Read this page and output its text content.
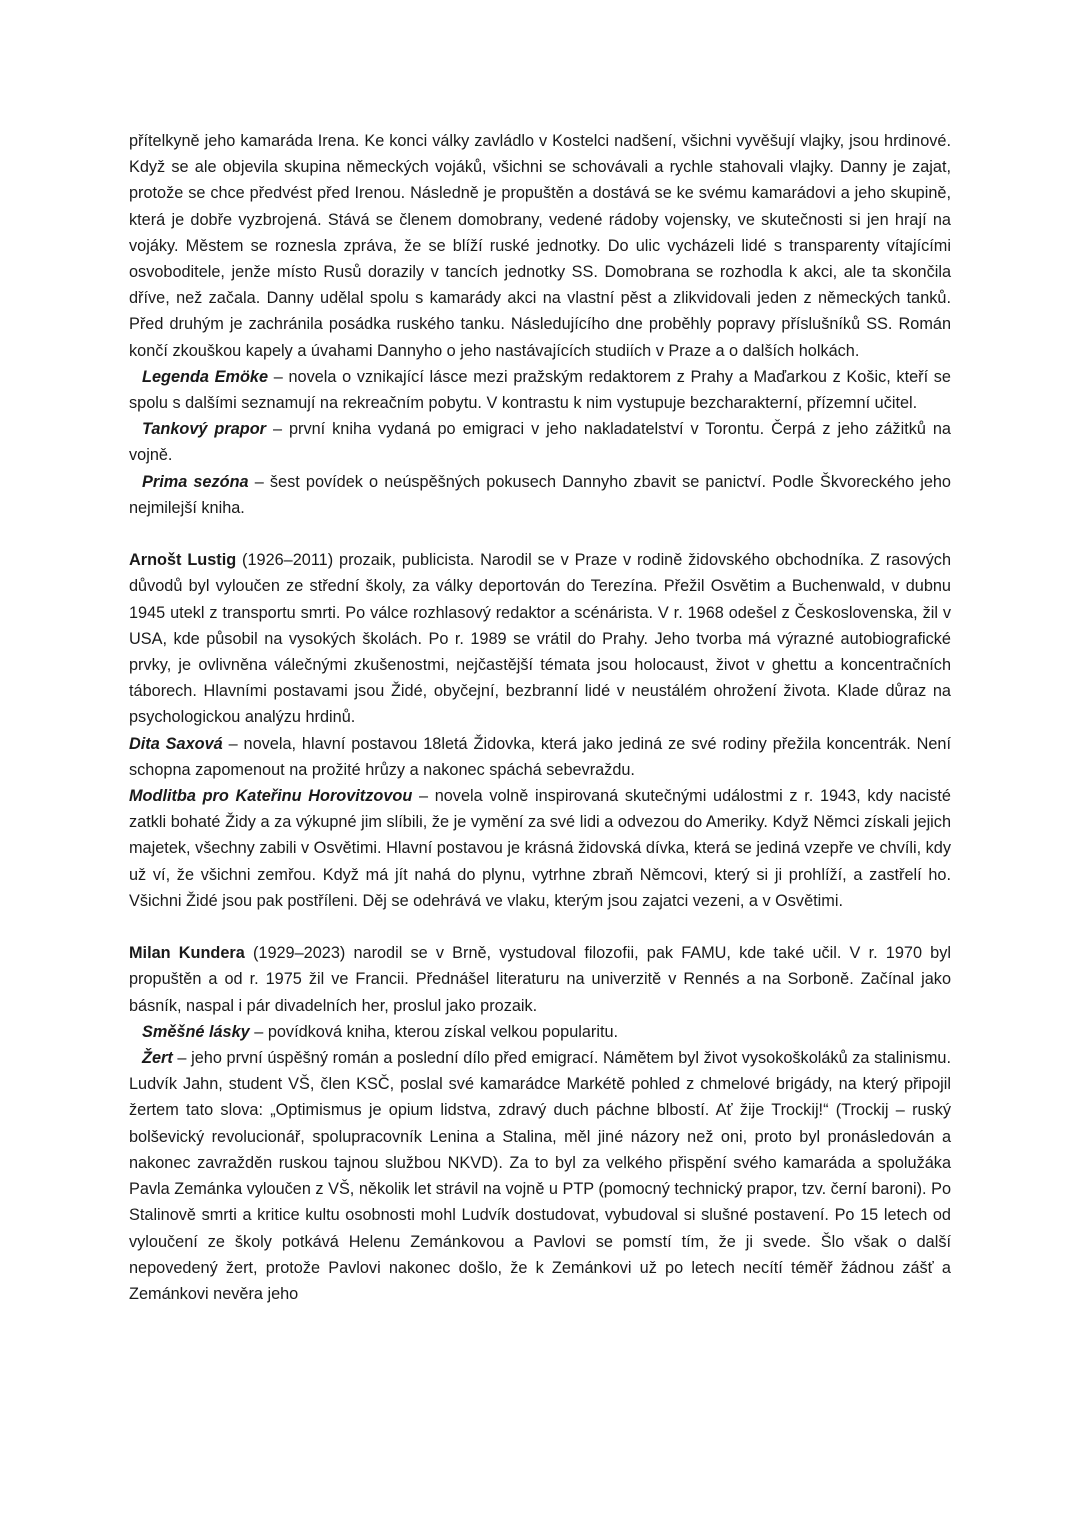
přítelkyně jeho kamaráda Irena. Ke konci války zavládlo v Kostelci nadšení, všichni vyvěšují vlajky, jsou hrdinové. Když se ale objevila skupina německých vojáků, všichni se schovávali a rychle stahovali vlajky. Danny je zajat, protože se chce předvést před Irenou. Následně je propuštěn a dostává se ke svému kamarádovi a jeho skupině, která je dobře vyzbrojená. Stává se členem domobrany, vedené rádoby vojensky, ve skutečnosti si jen hrají na vojáky. Městem se roznesla zpráva, že se blíží ruské jednotky. Do ulic vycházeli lidé s transparenty vítajícími osvoboditele, jenže místo Rusů dorazily v tancích jednotky SS. Domobrana se rozhodla k akci, ale ta skončila dříve, než začala. Danny udělal spolu s kamarády akci na vlastní pěst a zlikvidovali jeden z německých tanků. Před druhým je zachránila posádka ruského tanku. Následujícího dne proběhly popravy příslušníků SS. Román končí zkouškou kapely a úvahami Dannyho o jeho nastávajících studiích v Praze a o dalších holkách.

Legenda Emöke – novela o vznikající lásce mezi pražským redaktorem z Prahy a Maďarkou z Košic, kteří se spolu s dalšími seznamují na rekreačním pobytu. V kontrastu k nim vystupuje bezcharakterní, přízemní učitel.

Tankový prapor – první kniha vydaná po emigraci v jeho nakladatelství v Torontu. Čerpá z jeho zážitků na vojně.

Prima sezóna – šest povídek o neúspěšných pokusech Dannyho zbavit se panictví. Podle Škvoreckého jeho nejmilejší kniha.

Arnošt Lustig (1926–2011) prozaik, publicista. Narodil se v Praze v rodině židovského obchodníka. Z rasových důvodů byl vyloučen ze střední školy, za války deportován do Terezína. Přežil Osvětim a Buchenwald, v dubnu 1945 utekl z transportu smrti. Po válce rozhlasový redaktor a scénárista. V r. 1968 odešel z Československa, žil v USA, kde působil na vysokých školách. Po r. 1989 se vrátil do Prahy. Jeho tvorba má výrazné autobiografické prvky, je ovlivněna válečnými zkušenostmi, nejčastější témata jsou holocaust, život v ghettu a koncentračních táborech. Hlavními postavami jsou Židé, obyčejní, bezbranní lidé v neustálém ohrožení života. Klade důraz na psychologickou analýzu hrdinů.

Dita Saxová – novela, hlavní postavou 18letá Židovka, která jako jediná ze své rodiny přežila koncentrák. Není schopna zapomenout na prožité hrůzy a nakonec spáchá sebevraždu.

Modlitba pro Kateřinu Horovitzovou – novela volně inspirovaná skutečnými událostmi z r. 1943, kdy nacisté zatkli bohaté Židy a za výkupné jim slíbili, že je vymění za své lidi a odvezou do Ameriky. Když Němci získali jejich majetek, všechny zabili v Osvětimi. Hlavní postavou je krásná židovská dívka, která se jediná vzepře ve chvíli, kdy už ví, že všichni zemřou. Když má jít nahá do plynu, vytrhne zbraň Němcovi, který si ji prohlíží, a zastřelí ho. Všichni Židé jsou pak postříleni. Děj se odehrává ve vlaku, kterým jsou zajatci vezeni, a v Osvětimi.

Milan Kundera (1929–2023) narodil se v Brně, vystudoval filozofii, pak FAMU, kde také učil. V r. 1970 byl propuštěn a od r. 1975 žil ve Francii. Přednášel literaturu na univerzitě v Rennés a na Sorboně. Začínal jako básník, naspal i pár divadelních her, proslul jako prozaik.

Směšné lásky – povídková kniha, kterou získal velkou popularitu.

Žert – jeho první úspěšný román a poslední dílo před emigrací. Námětem byl život vysokoškoláků za stalinismu. Ludvík Jahn, student VŠ, člen KSČ, poslal své kamarádce Markétě pohled z chmelové brigády, na který připojil žertem tato slova: „Optimismus je opium lidstva, zdravý duch páchne blbostí. Ať žije Trockij!“ (Trockij – ruský bolševický revolucionář, spolupracovník Lenina a Stalina, měl jiné názory než oni, proto byl pronásledován a nakonec zavražděn ruskou tajnou službou NKVD). Za to byl za velkého přispění svého kamaráda a spolužáka Pavla Zemánka vyloučen z VŠ, několik let strávil na vojně u PTP (pomocný technický prapor, tzv. černí baroni). Po Stalinově smrti a kritice kultu osobnosti mohl Ludvík dostudovat, vybudoval si slušné postavení. Po 15 letech od vyloučení ze školy potkává Helenu Zemánkovou a Pavlovi se pomstí tím, že ji svede. Šlo však o další nepovedený žert, protože Pavlovi nakonec došlo, že k Zemánkovi už po letech necítí téměř žádnou zášť a Zemánkovi nevěra jeho
